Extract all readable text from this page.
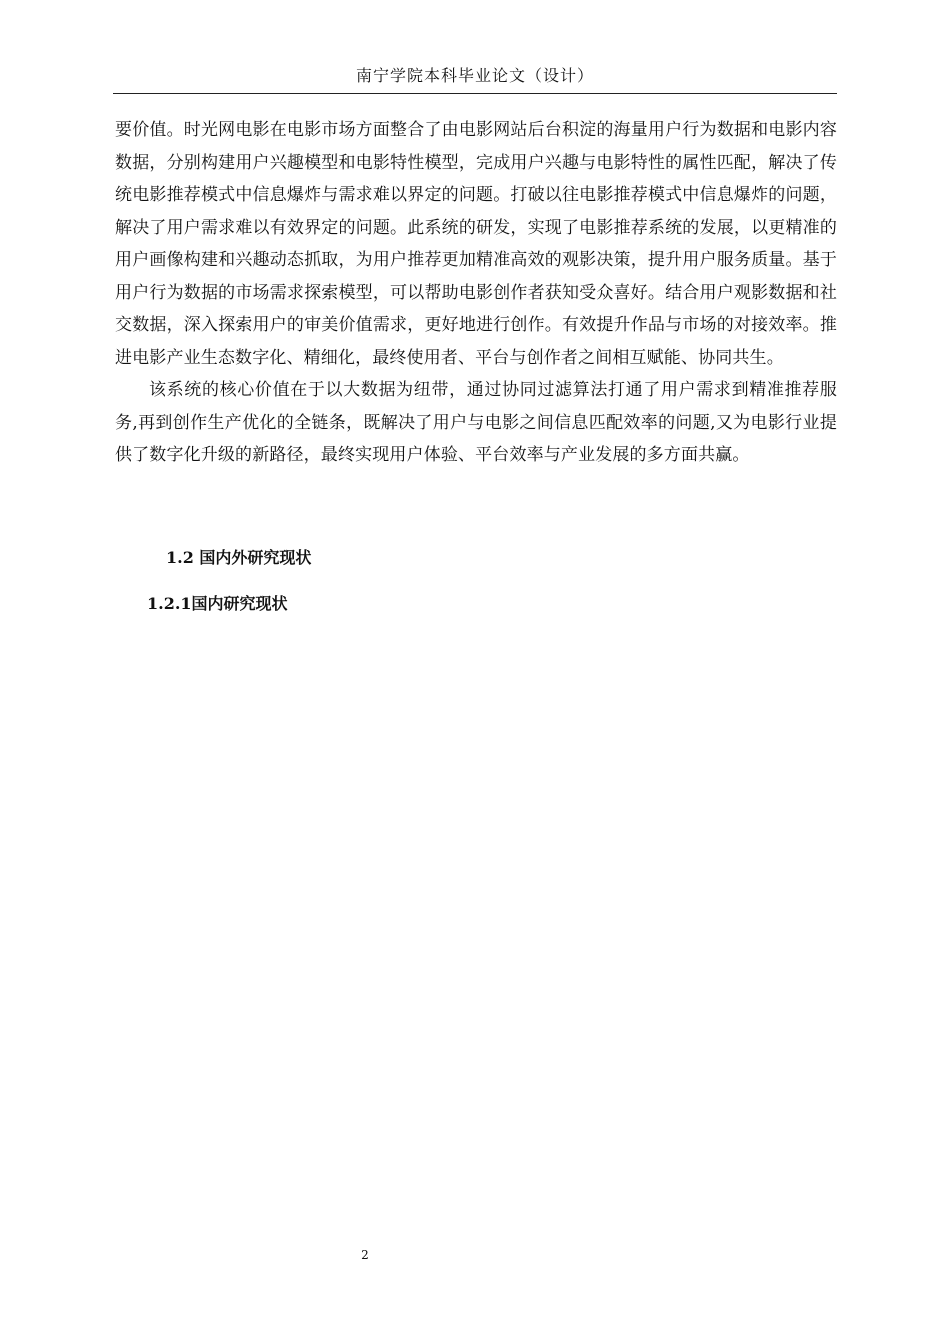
南宁学院本科毕业论文（设计）

要价值。时光网电影在电影市场方面整合了由电影网站后台积淀的海量用户行为数据和电影内容数据，分别构建用户兴趣模型和电影特性模型，完成用户兴趣与电影特性的属性匹配，解决了传统电影推荐模式中信息爆炸与需求难以界定的问题。打破以往电影推荐模式中信息爆炸的问题，解决了用户需求难以有效界定的问题。此系统的研发，实现了电影推荐系统的发展，以更精准的用户画像构建和兴趣动态抓取，为用户推荐更加精准高效的观影决策，提升用户服务质量。基于用户行为数据的市场需求探索模型，可以帮助电影创作者获知受众喜好。结合用户观影数据和社交数据，深入探索用户的审美价值需求，更好地进行创作。有效提升作品与市场的对接效率。推进电影产业生态数字化、精细化，最终使用者、平台与创作者之间相互赋能、协同共生。

该系统的核心价值在于以大数据为纽带，通过协同过滤算法打通了用户需求到精准推荐服务,再到创作生产优化的全链条，既解决了用户与电影之间信息匹配效率的问题,又为电影行业提供了数字化升级的新路径，最终实现用户体验、平台效率与产业发展的多方面共赢。

1.2 国内外研究现状
1.2.1国内研究现状
2
